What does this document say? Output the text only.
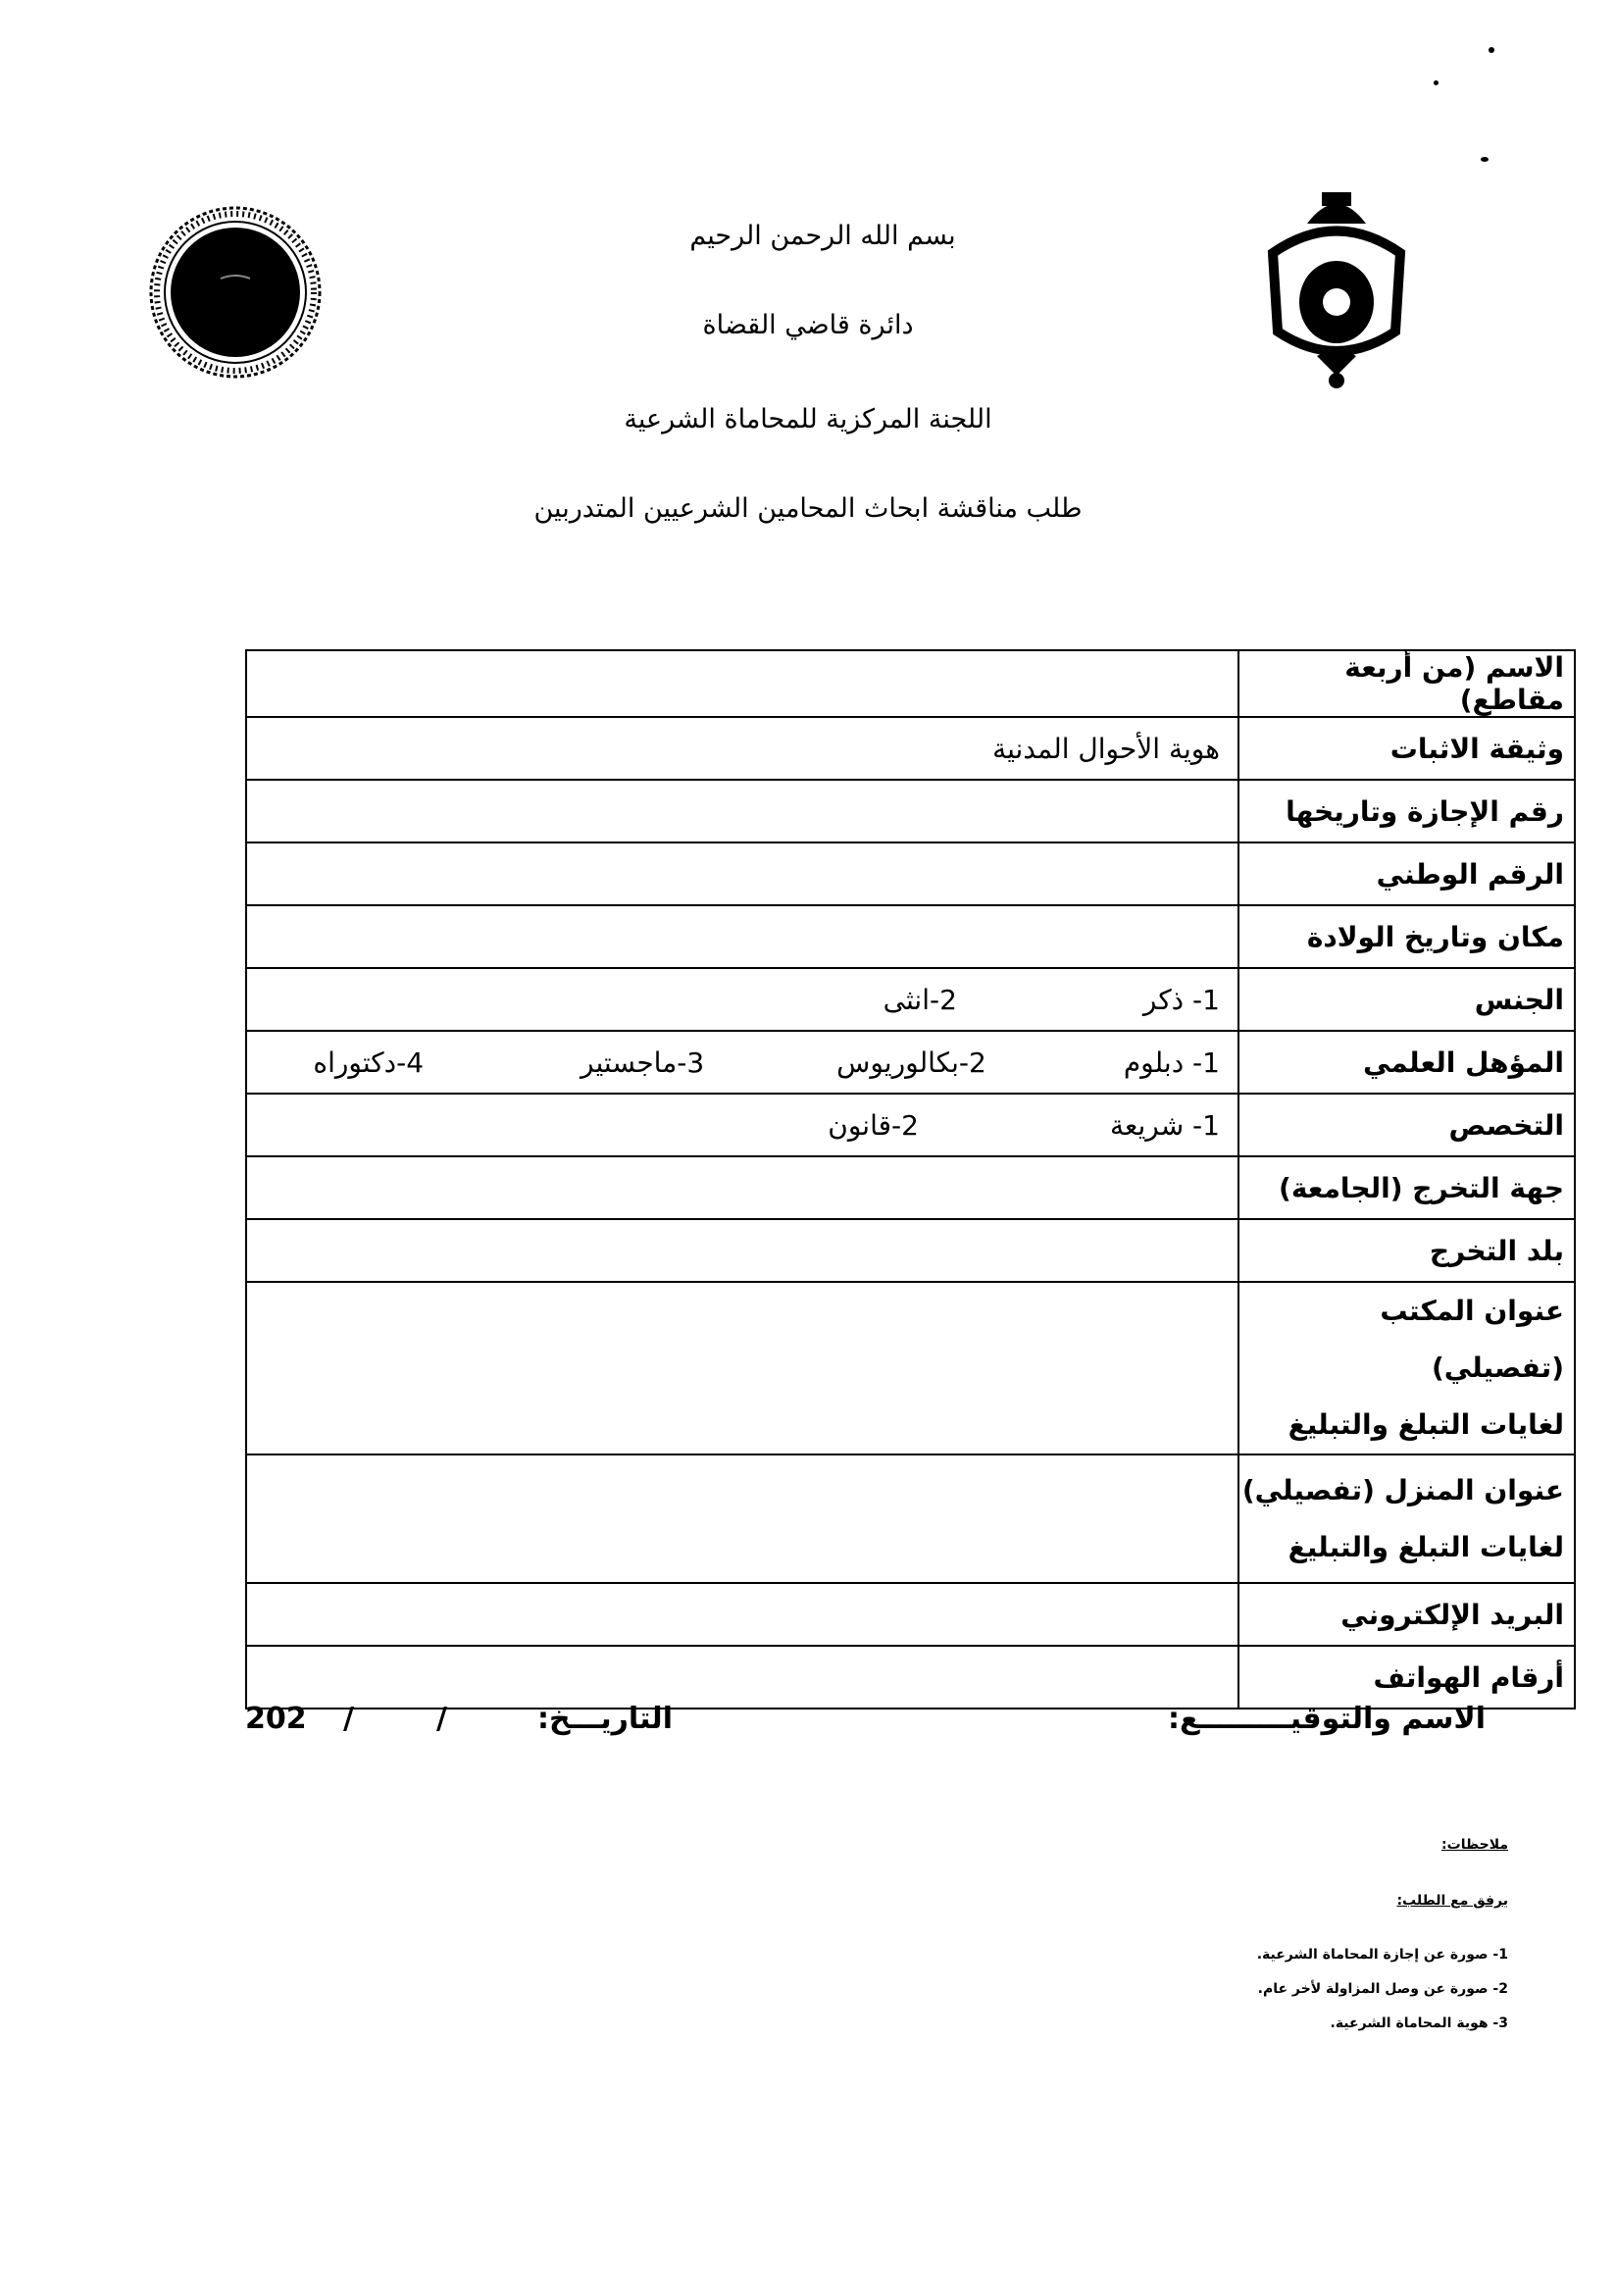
بسم الله الرحمن الرحيم
دائرة قاضي القضاة
اللجنة المركزية للمحاماة الشرعية
طلب مناقشة ابحاث المحامين الشرعيين المتدربين
الاسم (من أربعة مقاطع)	
وثيقة الاثبات	هوية الأحوال المدنية
رقم الإجازة وتاريخها	
الرقم الوطني	
مكان وتاريخ الولادة	
الجنس	1- ذكر
2-انثى

المؤهل العلمي	1- دبلوم
2-بكالوريوس
3-ماجستير
4-دكتوراه

التخصص	1- شريعة
2-قانون

جهة التخرج (الجامعة)	
بلد التخرج	

عنوان المكتب (تفصيلي)
لغايات التبلغ والتبليغ	

عنوان المنزل (تفصيلي)
لغايات التبلغ والتبليغ	

البريد الإلكتروني	
أرقام الهواتف	
الاسم والتوقيـــــــــع:
التاريـــخ:
/
/
202
ملاحظات:
يرفق مع الطلب:
1- صورة عن إجازة المحاماة الشرعية.
2- صورة عن وصل المزاولة لأخر عام.
3- هوية المحاماة الشرعية.
